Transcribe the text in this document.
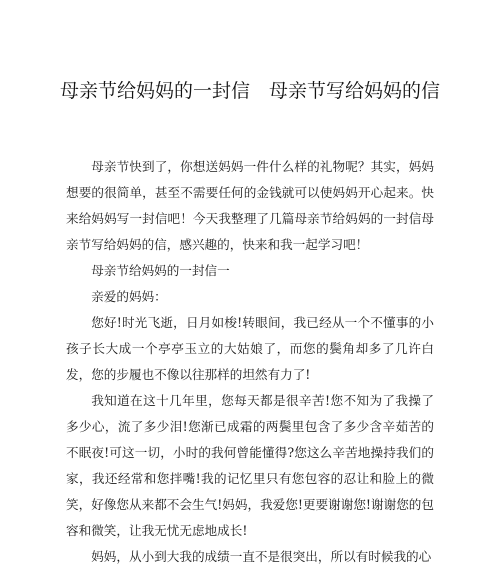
母亲节给妈妈的一封信　母亲节写给妈妈的信

母亲节快到了，你想送妈妈一件什么样的礼物呢？其实，妈妈想要的很简单，甚至不需要任何的金钱就可以使妈妈开心起来。快来给妈妈写一封信吧！今天我整理了几篇母亲节给妈妈的一封信母亲节写给妈妈的信，感兴趣的，快来和我一起学习吧！

母亲节给妈妈的一封信一

亲爱的妈妈：

您好!时光飞逝，日月如梭!转眼间，我已经从一个不懂事的小孩子长大成一个亭亭玉立的大姑娘了，而您的鬓角却多了几许白发，您的步履也不像以往那样的坦然有力了!

我知道在这十几年里，您每天都是很辛苦!您不知为了我操了多少心，流了多少泪!您渐已成霜的两鬓里包含了多少含辛茹苦的不眠夜!可这一切，小时的我何曾能懂得?您这么辛苦地操持我们的家，我还经常和您拌嘴!我的记忆里只有您包容的忍让和脸上的微笑，好像您从来都不会生气!妈妈，我爱您!更要谢谢您!谢谢您的包容和微笑，让我无忧无虑地成长!

妈妈，从小到大我的成绩一直不是很突出，所以有时候我的心
